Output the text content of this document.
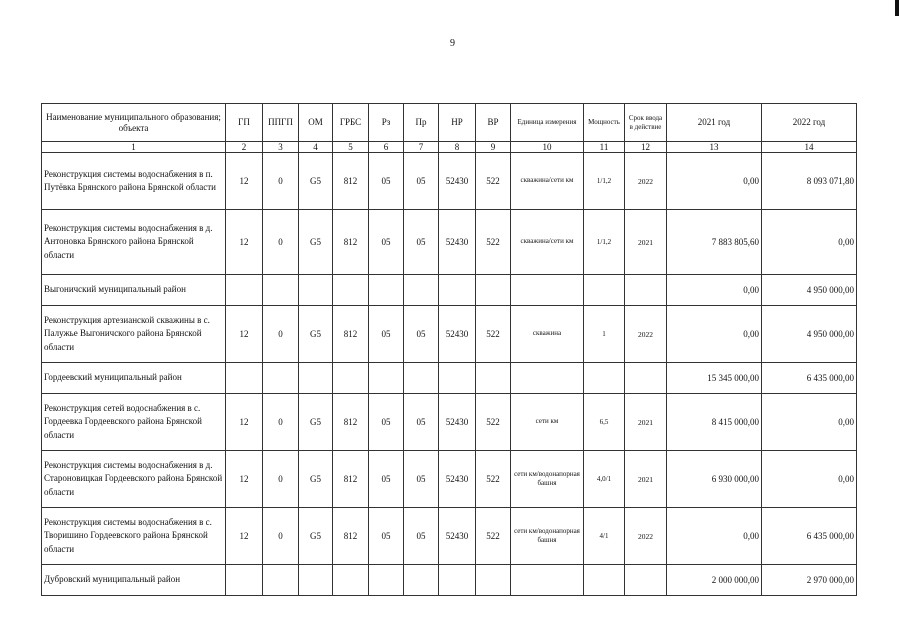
9
Наименование муниципального образования; объекта	ГП	ППГП	ОМ	ГРБС	Рз	Пр	НР	ВР	Единица измерения	Мощность	Срок ввода в действие	2021 год	2022 год
1	2	3	4	5	6	7	8	9	10	11	12	13	14
Реконструкция системы водоснабжения в п. Путёвка Брянского района Брянской области	12	0	G5	812	05	05	52430	522	скважина/сети км	1/1,2	2022	0,00	8 093 071,80
Реконструкция системы водоснабжения в д. Антоновка Брянского района Брянской области	12	0	G5	812	05	05	52430	522	скважина/сети км	1/1,2	2021	7 883 805,60	0,00
Выгоничский муниципальный район												0,00	4 950 000,00
Реконструкция артезианской скважины в с. Палужье Выгоничского района Брянской области	12	0	G5	812	05	05	52430	522	скважина	1	2022	0,00	4 950 000,00
Гордеевский муниципальный район												15 345 000,00	6 435 000,00
Реконструкция сетей водоснабжения в с. Гордеевка Гордеевского района Брянской области	12	0	G5	812	05	05	52430	522	сети км	6,5	2021	8 415 000,00	0,00
Реконструкция системы водоснабжения в д. Староновицкая Гордеевского района Брянской области	12	0	G5	812	05	05	52430	522	сети км/водонапорная башня	4,0/1	2021	6 930 000,00	0,00
Реконструкция системы водоснабжения в с. Творишино Гордеевского района Брянской области	12	0	G5	812	05	05	52430	522	сети км/водонапорная башня	4/1	2022	0,00	6 435 000,00
Дубровский муниципальный район												2 000 000,00	2 970 000,00
